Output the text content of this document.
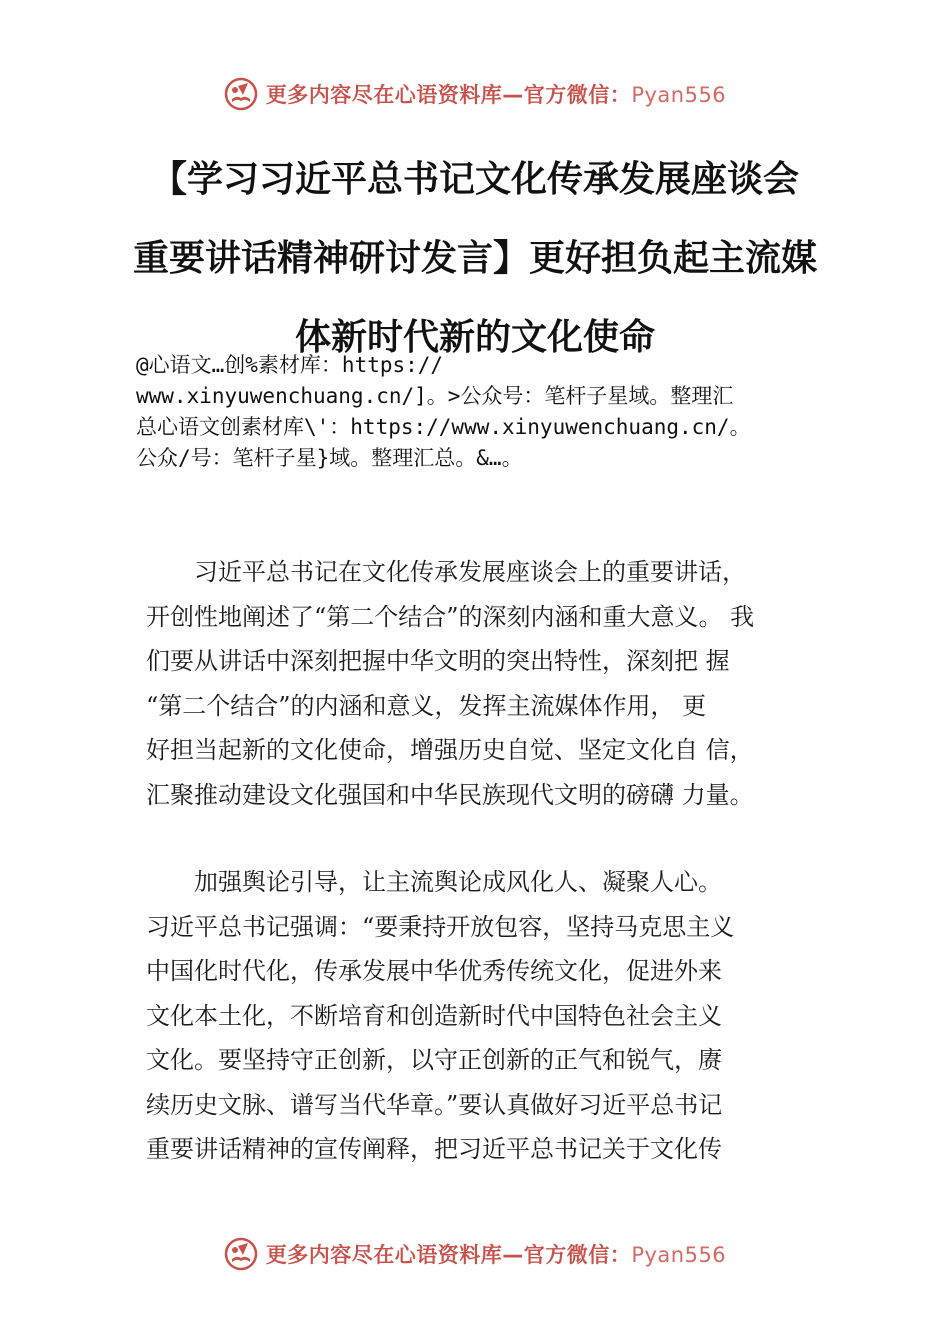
更多内容尽在心语资料库—官方微信：Pyan556
【学习习近平总书记文化传承发展座谈会
重要讲话精神研讨发言】更好担负起主流媒
体新时代新的文化使命
@心语文…创%素材库：https://
www.xinyuwenchuang.cn/]。>公众号：笔杆子星域。整理汇
总心语文创素材库\'：https://www.xinyuwenchuang.cn/。
公众/号：笔杆子星}域。整理汇总。&…。
　　习近平总书记在文化传承发展座谈会上的重要讲话，
开创性地阐述了“第二个结合”的深刻内涵和重大意义。 我
们要从讲话中深刻把握中华文明的突出特性，深刻把 握
“第二个结合”的内涵和意义，发挥主流媒体作用， 更
好担当起新的文化使命，增强历史自觉、坚定文化自 信，
汇聚推动建设文化强国和中华民族现代文明的磅礴 力量。
　　加强舆论引导，让主流舆论成风化人、凝聚人心。
习近平总书记强调：“要秉持开放包容，坚持马克思主义
中国化时代化，传承发展中华优秀传统文化，促进外来
文化本土化，不断培育和创造新时代中国特色社会主义
文化。要坚持守正创新，以守正创新的正气和锐气，赓
续历史文脉、谱写当代华章。”要认真做好习近平总书记
重要讲话精神的宣传阐释，把习近平总书记关于文化传
更多内容尽在心语资料库—官方微信：Pyan556
